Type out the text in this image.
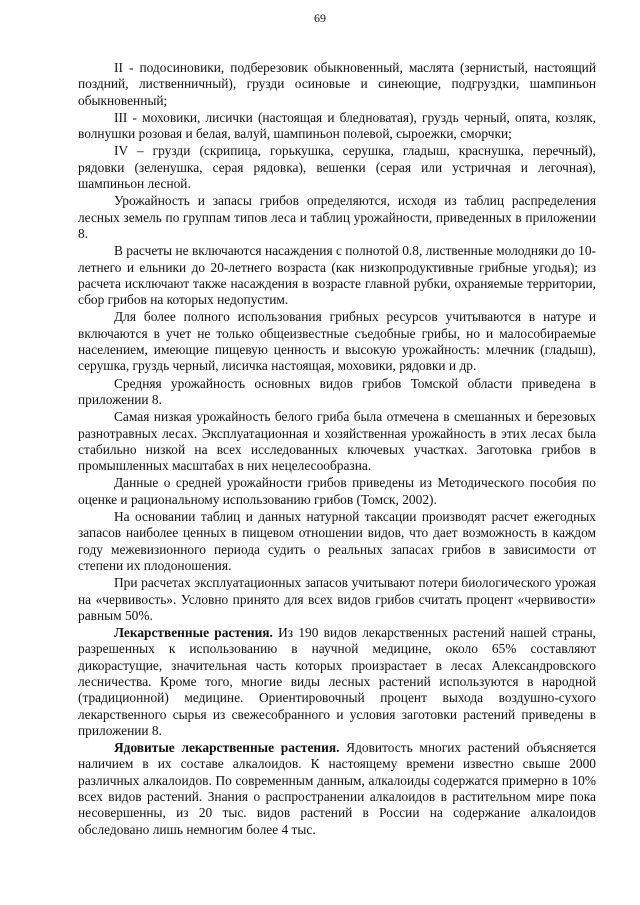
69

II - подосиновики, подберезовик обыкновенный, маслята (зернистый, настоящий поздний, лиственничный), грузди осиновые и синеющие, подгруздки, шампиньон обыкновенный;

III - моховики, лисички (настоящая и бледноватая), груздь черный, опята, козляк, волнушки розовая и белая, валуй, шампиньон полевой, сыроежки, сморчки;

IV – грузди (скрипица, горькушка, серушка, гладыш, краснушка, перечный), рядовки (зеленушка, серая рядовка), вешенки (серая или устричная и легочная), шампиньон лесной.

Урожайность и запасы грибов определяются, исходя из таблиц распределения лесных земель по группам типов леса и таблиц урожайности, приведенных в приложении 8.

В расчеты не включаются насаждения с полнотой 0.8, лиственные молодняки до 10-летнего и ельники до 20-летнего возраста (как низкопродуктивные грибные угодья); из расчета исключают также насаждения в возрасте главной рубки, охраняемые территории, сбор грибов на которых недопустим.

Для более полного использования грибных ресурсов учитываются в натуре и включаются в учет не только общеизвестные съедобные грибы, но и малособираемые населением, имеющие пищевую ценность и высокую урожайность: млечник (гладыш), серушка, груздь черный, лисичка настоящая, моховики, рядовки и др.

Средняя урожайность основных видов грибов Томской области приведена в приложении 8.

Самая низкая урожайность белого гриба была отмечена в смешанных и березовых разнотравных лесах. Эксплуатационная и хозяйственная урожайность в этих лесах была стабильно низкой на всех исследованных ключевых участках. Заготовка грибов в промышленных масштабах в них нецелесообразна.

Данные о средней урожайности грибов приведены из Методического пособия по оценке и рациональному использованию грибов (Томск, 2002).

На основании таблиц и данных натурной таксации производят расчет ежегодных запасов наиболее ценных в пищевом отношении видов, что дает возможность в каждом году межевизионного периода судить о реальных запасах грибов в зависимости от степени их плодоношения.

При расчетах эксплуатационных запасов учитывают потери биологического урожая на «червивость». Условно принято для всех видов грибов считать процент «червивости» равным 50%.

Лекарственные растения. Из 190 видов лекарственных растений нашей страны, разрешенных к использованию в научной медицине, около 65% составляют дикорастущие, значительная часть которых произрастает в лесах Александровского лесничества. Кроме того, многие виды лесных растений используются в народной (традиционной) медицине. Ориентировочный процент выхода воздушно-сухого лекарственного сырья из свежесобранного и условия заготовки растений приведены в приложении 8.

Ядовитые лекарственные растения. Ядовитость многих растений объясняется наличием в их составе алкалоидов. К настоящему времени известно свыше 2000 различных алкалоидов. По современным данным, алкалоиды содержатся примерно в 10% всех видов растений. Знания о распространении алкалоидов в растительном мире пока несовершенны, из 20 тыс. видов растений в России на содержание алкалоидов обследовано лишь немногим более 4 тыс.
